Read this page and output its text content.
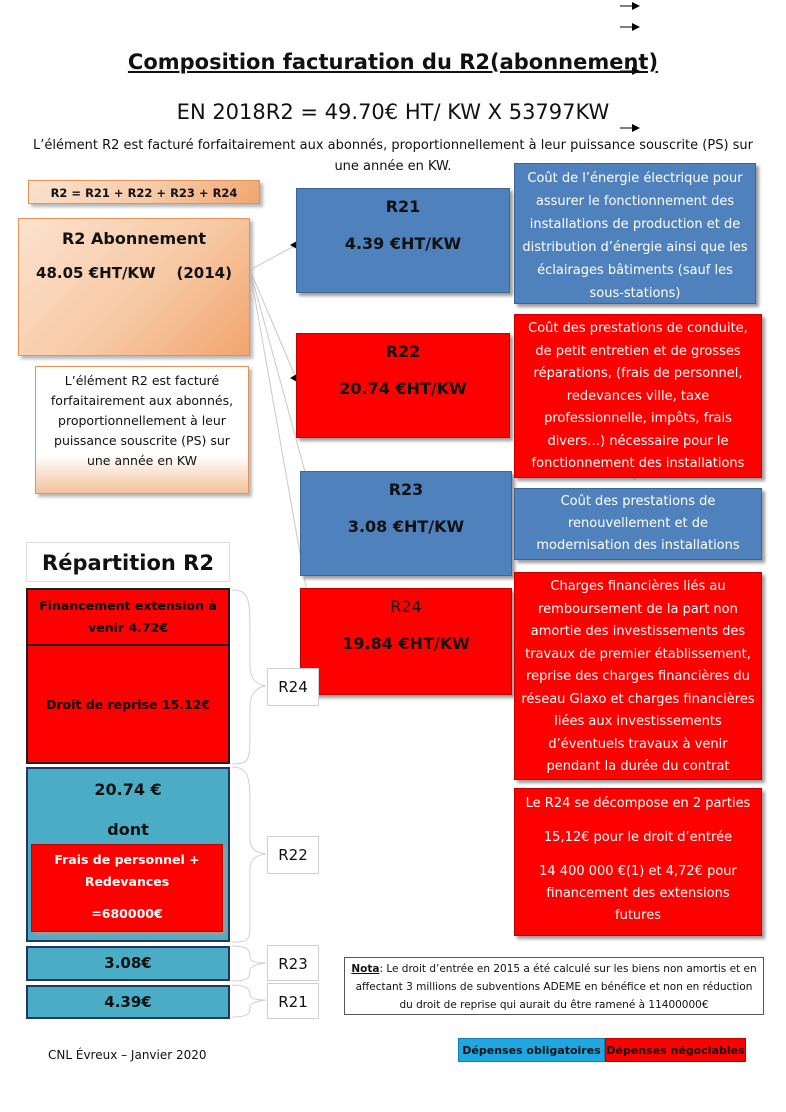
Composition facturation du R2(abonnement)
EN 2018R2 = 49.70€ HT/ KW X 53797KW
L’élément R2 est facturé forfaitairement aux abonnés, proportionnellement à leur puissance souscrite (PS) sur une année en KW.
R2 = R21 + R22 + R23 + R24
R2 Abonnement
48.05 €HT/KW    (2014)
L’élément R2 est facturé forfaitairement aux abonnés, proportionnellement à leur puissance souscrite (PS) sur une année en KW
R21
4.39 €HT/KW
R22
20.74 €HT/KW
R23
3.08 €HT/KW
R24
19.84 €HT/KW
Coût de l’énergie électrique pour assurer le fonctionnement des installations de production et de distribution d’énergie ainsi que les éclairages bâtiments (sauf les sous-stations)
Coût des prestations de conduite, de petit entretien et de grosses réparations, (frais de personnel, redevances ville, taxe professionnelle, impôts, frais divers…) nécessaire pour le fonctionnement des installations
Coût des prestations de renouvellement et de modernisation des installations
Charges financières liés au remboursement de la part non amortie des investissements des travaux de premier établissement, reprise des charges financières du réseau Glaxo et charges financières liées aux investissements d’éventuels travaux à venir pendant la durée du contrat
Le R24 se décompose en 2 parties
15,12€ pour le droit d’entrée
14 400 000 €(1) et 4,72€ pour financement des extensions futures
Répartition R2
Financement extension à venir 4.72€
Droit de reprise 15.12€
20.74 €
dont
Frais de personnel + Redevances
=680000€
3.08€
4.39€
R24
R22
R23
R21
Nota: Le droit d’entrée en 2015 a été calculé sur les biens non amortis et en affectant 3 millions de subventions ADEME en bénéfice et non en réduction du droit de reprise qui aurait du être ramené à 11400000€
CNL Évreux – Janvier 2020	Dépenses obligatoires Dépenses négociables
